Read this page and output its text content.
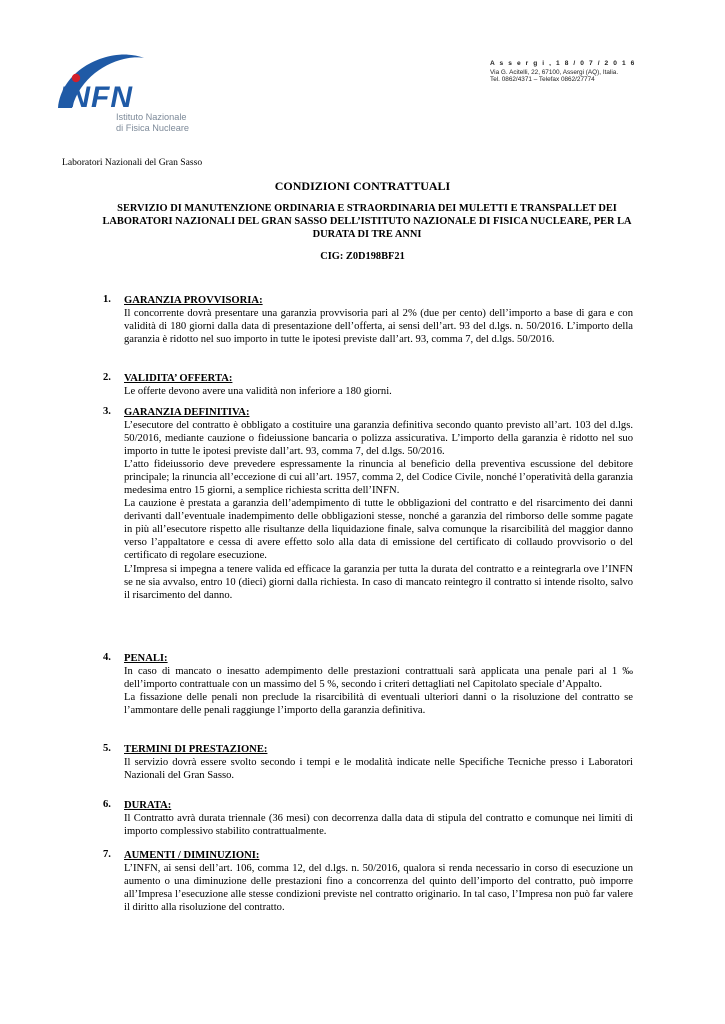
INFN
Istituto Nazionale
di Fisica Nucleare
A s s e r g i , 1 8 / 0 7 / 2 0 1 6
Via G. Acitelli, 22, 67100, Assergi (AQ), Italia.
Tel. 0862/4371 – Telefax 0862/27774
Laboratori Nazionali del Gran Sasso
CONDIZIONI CONTRATTUALI
SERVIZIO DI MANUTENZIONE ORDINARIA E STRAORDINARIA DEI MULETTI E TRANSPALLET DEI LABORATORI NAZIONALI DEL GRAN SASSO DELL’ISTITUTO NAZIONALE DI FISICA NUCLEARE, PER LA DURATA DI TRE ANNI
CIG: Z0D198BF21
1. GARANZIA PROVVISORIA:

Il concorrente dovrà presentare una garanzia provvisoria pari al 2% (due per cento) dell’importo a base di gara e con validità di 180 giorni dalla data di presentazione dell’offerta, ai sensi dell’art. 93 del d.lgs. n. 50/2016. L’importo della garanzia è ridotto nel suo importo in tutte le ipotesi previste dall’art. 93, comma 7, del d.lgs. 50/2016.

2. VALIDITA’ OFFERTA:

Le offerte devono avere una validità non inferiore a 180 giorni.

3. GARANZIA DEFINITIVA:

L’esecutore del contratto è obbligato a costituire una garanzia definitiva secondo quanto previsto all’art. 103 del d.lgs. 50/2016, mediante cauzione o fideiussione bancaria o polizza assicurativa. L’importo della garanzia è ridotto nel suo importo in tutte le ipotesi previste dall’art. 93, comma 7, del d.lgs. 50/2016.

L’atto fideiussorio deve prevedere espressamente la rinuncia al beneficio della preventiva escussione del debitore principale; la rinuncia all’eccezione di cui all’art. 1957, comma 2, del Codice Civile, nonché l’operatività della garanzia medesima entro 15 giorni, a semplice richiesta scritta dell’INFN.

La cauzione è prestata a garanzia dell’adempimento di tutte le obbligazioni del contratto e del risarcimento dei danni derivanti dall’eventuale inadempimento delle obbligazioni stesse, nonché a garanzia del rimborso delle somme pagate in più all’esecutore rispetto alle risultanze della liquidazione finale, salva comunque la risarcibilità del maggior danno verso l’appaltatore e cessa di avere effetto solo alla data di emissione del certificato di collaudo provvisorio o del certificato di regolare esecuzione.

L’Impresa si impegna a tenere valida ed efficace la garanzia per tutta la durata del contratto e a reintegrarla ove l’INFN se ne sia avvalso, entro 10 (dieci) giorni dalla richiesta. In caso di mancato reintegro il contratto si intende risolto, salvo il risarcimento del danno.

4. PENALI:

In caso di mancato o inesatto adempimento delle prestazioni contrattuali sarà applicata una penale pari al 1 ‰ dell’importo contrattuale con un massimo del 5 %, secondo i criteri dettagliati nel Capitolato speciale d’Appalto.

La fissazione delle penali non preclude la risarcibilità di eventuali ulteriori danni o la risoluzione del contratto se l’ammontare delle penali raggiunge l’importo della garanzia definitiva.

5. TERMINI DI PRESTAZIONE:

Il servizio dovrà essere svolto secondo i tempi e le modalità indicate nelle Specifiche Tecniche presso i Laboratori Nazionali del Gran Sasso.

6. DURATA:

Il Contratto avrà durata triennale (36 mesi) con decorrenza dalla data di stipula del contratto e comunque nei limiti di importo complessivo stabilito contrattualmente.

7. AUMENTI / DIMINUZIONI:

L’INFN, ai sensi dell’art. 106, comma 12, del d.lgs. n. 50/2016, qualora si renda necessario in corso di esecuzione un aumento o una diminuzione delle prestazioni fino a concorrenza del quinto dell’importo del contratto, può imporre all’Impresa l’esecuzione alle stesse condizioni previste nel contratto originario. In tal caso, l’Impresa non può far valere il diritto alla risoluzione del contratto.
